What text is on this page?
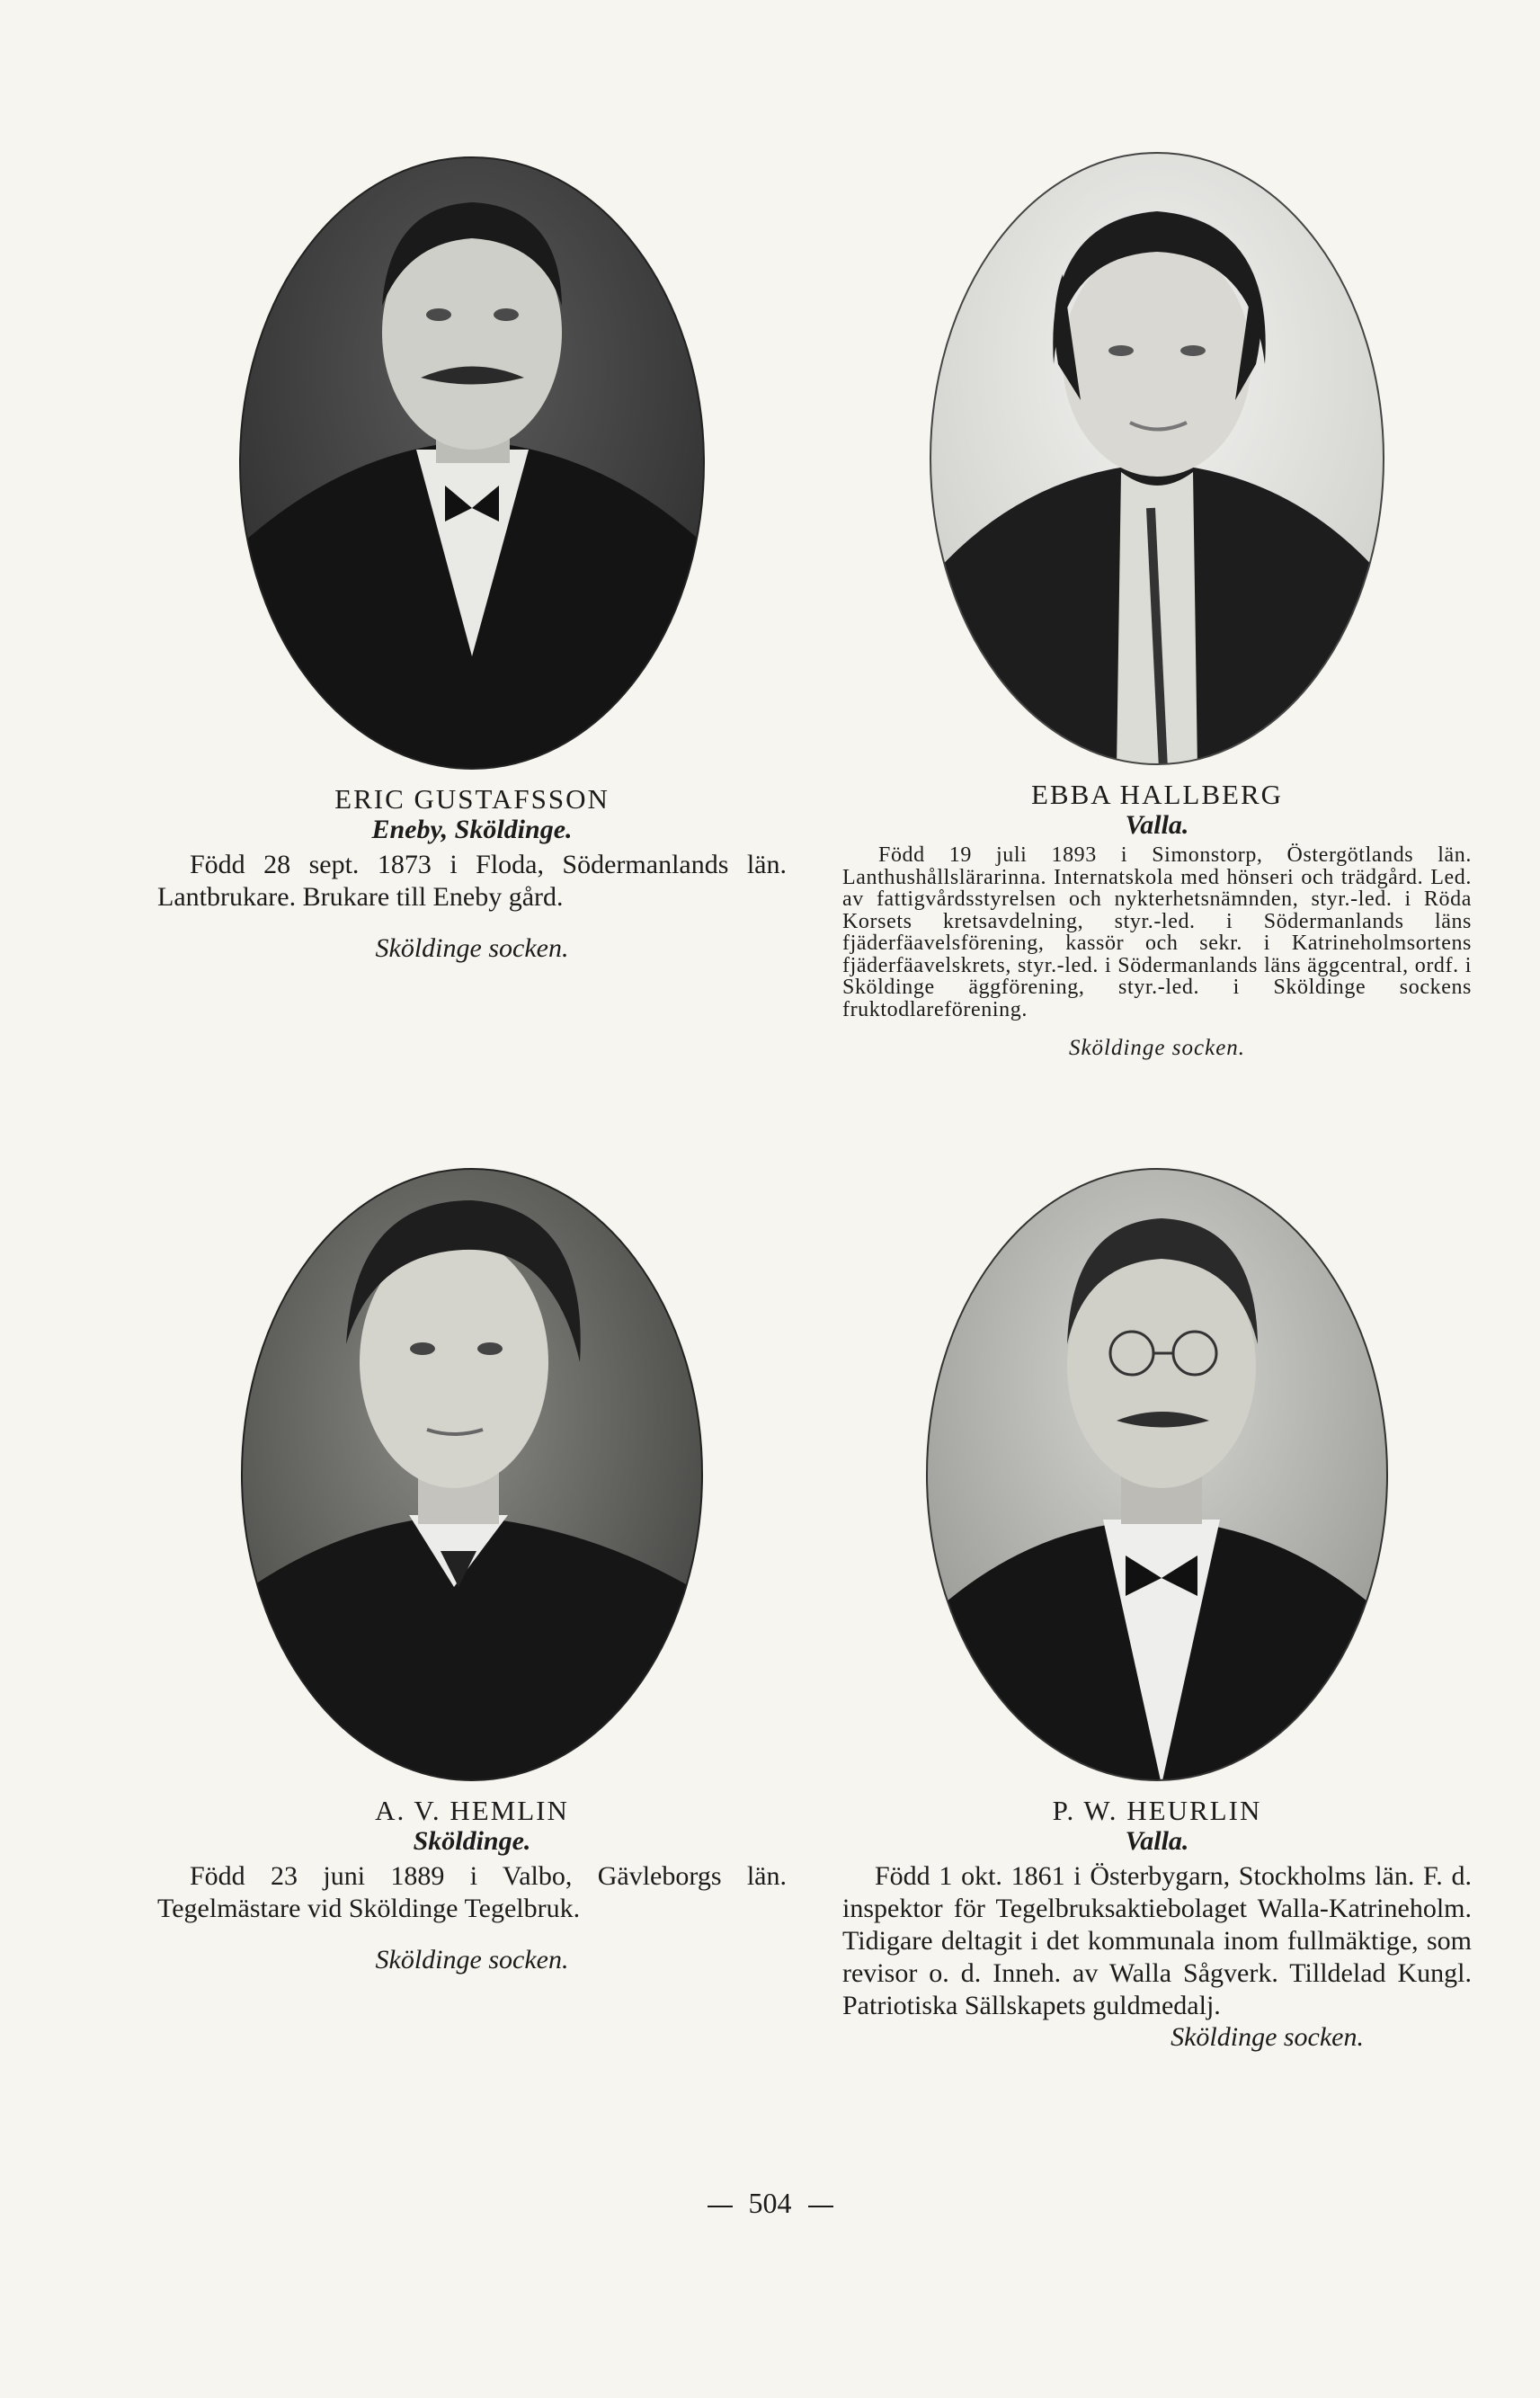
ERIC GUSTAFSSON
Eneby, Sköldinge.

Född 28 sept. 1873 i Floda, Södermanlands län. Lantbrukare. Brukare till Eneby gård.

Sköldinge socken.
EBBA HALLBERG
Valla.

Född 19 juli 1893 i Simonstorp, Östergötlands län. Lanthushållslärarinna. Internatskola med hönseri och trädgård. Led. av fattigvårdsstyrelsen och nykterhetsnämnden, styr.-led. i Röda Korsets kretsavdelning, styr.-led. i Södermanlands läns fjäderfäavelsförening, kassör och sekr. i Katrineholmsortens fjäderfäavelskrets, styr.-led. i Södermanlands läns äggcentral, ordf. i Sköldinge äggförening, styr.-led. i Sköldinge sockens fruktodlareförening.

Sköldinge socken.
A. V. HEMLIN
Sköldinge.

Född 23 juni 1889 i Valbo, Gävleborgs län. Tegelmästare vid Sköldinge Tegelbruk.

Sköldinge socken.
P. W. HEURLIN
Valla.

Född 1 okt. 1861 i Österbygarn, Stockholms län. F. d. inspektor för Tegelbruksaktiebolaget Walla-Katrineholm. Tidigare deltagit i det kommunala inom fullmäktige, som revisor o. d. Inneh. av Walla Sågverk. Tilldelad Kungl. Patriotiska Sällskapets guldmedalj.

Sköldinge socken.
504
